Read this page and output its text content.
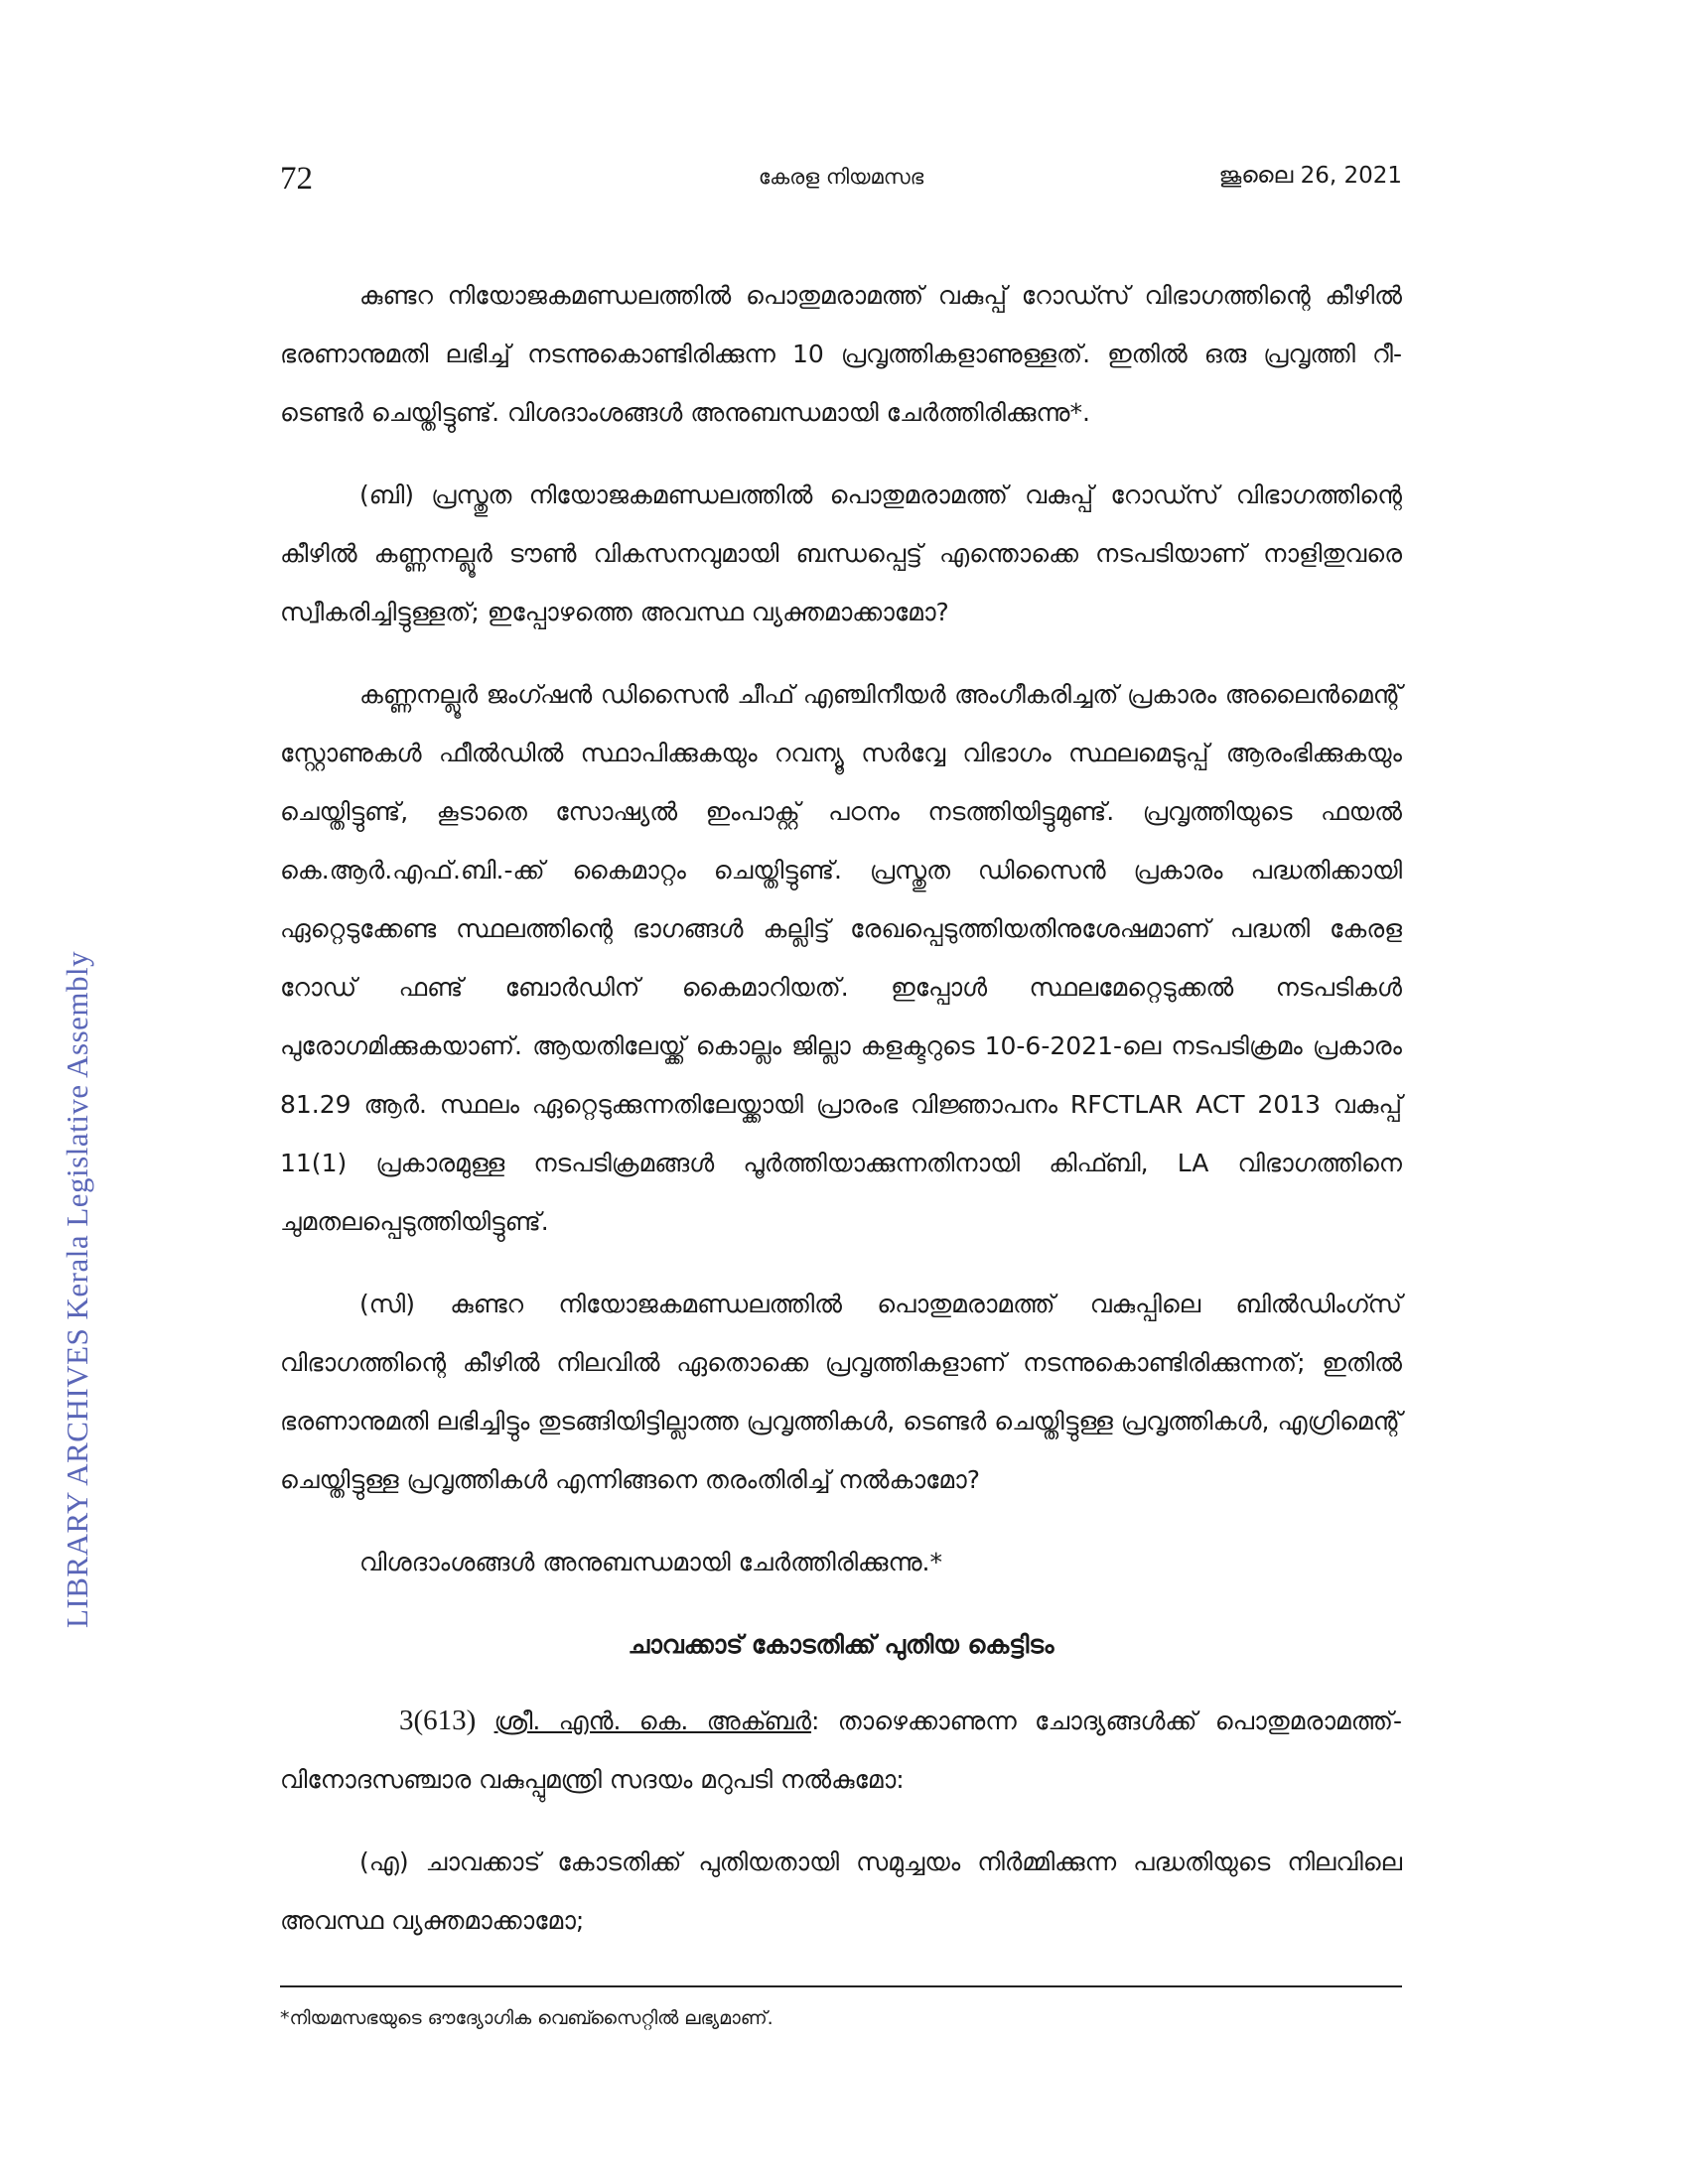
LIBRARY ARCHIVES Kerala Legislative Assembly
72	കേരള നിയമസഭ	ജൂലൈ 26, 2021

കുണ്ടറ നിയോജകമണ്ഡലത്തിൽ പൊതുമരാമത്ത് വകുപ്പ് റോഡ്സ് വിഭാഗത്തിന്റെ കീഴിൽ ഭരണാനുമതി ലഭിച്ച് നടന്നുകൊണ്ടിരിക്കുന്ന 10 പ്രവൃത്തികളാണുള്ളത്. ഇതിൽ ഒരു പ്രവൃത്തി റീ-ടെണ്ടർ ചെയ്തിട്ടുണ്ട്. വിശദാംശങ്ങൾ അനുബന്ധമായി ചേർത്തിരിക്കുന്നു*.

(ബി) പ്രസ്തുത നിയോജകമണ്ഡലത്തിൽ പൊതുമരാമത്ത് വകുപ്പ് റോഡ്സ് വിഭാഗത്തിന്റെ കീഴിൽ കണ്ണനല്ലൂർ ടൗൺ വികസനവുമായി ബന്ധപ്പെട്ട് എന്തൊക്കെ നടപടിയാണ് നാളിതുവരെ സ്വീകരിച്ചിട്ടുള്ളത്; ഇപ്പോഴത്തെ അവസ്ഥ വ്യക്തമാക്കാമോ?

കണ്ണനല്ലൂർ ജംഗ്ഷൻ ഡിസൈൻ ചീഫ് എഞ്ചിനീയർ അംഗീകരിച്ചത് പ്രകാരം അലൈൻമെന്റ് സ്റ്റോണുകൾ ഫീൽഡിൽ സ്ഥാപിക്കുകയും റവന്യൂ സർവ്വേ വിഭാഗം സ്ഥലമെടുപ്പ് ആരംഭിക്കുകയും ചെയ്തിട്ടുണ്ട്, കൂടാതെ സോഷ്യൽ ഇംപാക്റ്റ് പഠനം നടത്തിയിട്ടുമുണ്ട്. പ്രവൃത്തിയുടെ ഫയൽ കെ.ആർ.എഫ്.ബി.-ക്ക് കൈമാറ്റം ചെയ്തിട്ടുണ്ട്. പ്രസ്തുത ഡിസൈൻ പ്രകാരം പദ്ധതിക്കായി ഏറ്റെടുക്കേണ്ട സ്ഥലത്തിന്റെ ഭാഗങ്ങൾ കല്ലിട്ട് രേഖപ്പെടുത്തിയതിനുശേഷമാണ് പദ്ധതി കേരള റോഡ് ഫണ്ട് ബോർഡിന് കൈമാറിയത്. ഇപ്പോൾ സ്ഥലമേറ്റെടുക്കൽ നടപടികൾ പുരോഗമിക്കുകയാണ്. ആയതിലേയ്ക്ക് കൊല്ലം ജില്ലാ കളക്ടറുടെ 10-6-2021-ലെ നടപടിക്രമം പ്രകാരം 81.29 ആർ. സ്ഥലം ഏറ്റെടുക്കുന്നതിലേയ്ക്കായി പ്രാരംഭ വിജ്ഞാപനം RFCTLAR ACT 2013 വകുപ്പ് 11(1) പ്രകാരമുള്ള നടപടിക്രമങ്ങൾ പൂർത്തിയാക്കുന്നതിനായി കിഫ്ബി, LA വിഭാഗത്തിനെ ചുമതലപ്പെടുത്തിയിട്ടുണ്ട്.

(സി) കുണ്ടറ നിയോജകമണ്ഡലത്തിൽ പൊതുമരാമത്ത് വകുപ്പിലെ ബിൽഡിംഗ്സ് വിഭാഗത്തിന്റെ കീഴിൽ നിലവിൽ ഏതൊക്കെ പ്രവൃത്തികളാണ് നടന്നുകൊണ്ടിരിക്കുന്നത്; ഇതിൽ ഭരണാനുമതി ലഭിച്ചിട്ടും തുടങ്ങിയിട്ടില്ലാത്ത പ്രവൃത്തികൾ, ടെണ്ടർ ചെയ്തിട്ടുള്ള പ്രവൃത്തികൾ, എഗ്രിമെന്റ് ചെയ്തിട്ടുള്ള പ്രവൃത്തികൾ എന്നിങ്ങനെ തരംതിരിച്ച് നൽകാമോ?

വിശദാംശങ്ങൾ അനുബന്ധമായി ചേർത്തിരിക്കുന്നു.*

ചാവക്കാട് കോടതിക്ക് പുതിയ കെട്ടിടം

3(613) ശ്രീ. എൻ. കെ. അക്ബർ: താഴെക്കാണുന്ന ചോദ്യങ്ങൾക്ക് പൊതുമരാമത്ത്-വിനോദസഞ്ചാര വകുപ്പുമന്ത്രി സദയം മറുപടി നൽകുമോ:

(എ) ചാവക്കാട് കോടതിക്ക് പുതിയതായി സമുച്ചയം നിർമ്മിക്കുന്ന പദ്ധതിയുടെ നിലവിലെ അവസ്ഥ വ്യക്തമാക്കാമോ;

*നിയമസഭയുടെ ഔദ്യോഗിക വെബ്സൈറ്റിൽ ലഭ്യമാണ്.
